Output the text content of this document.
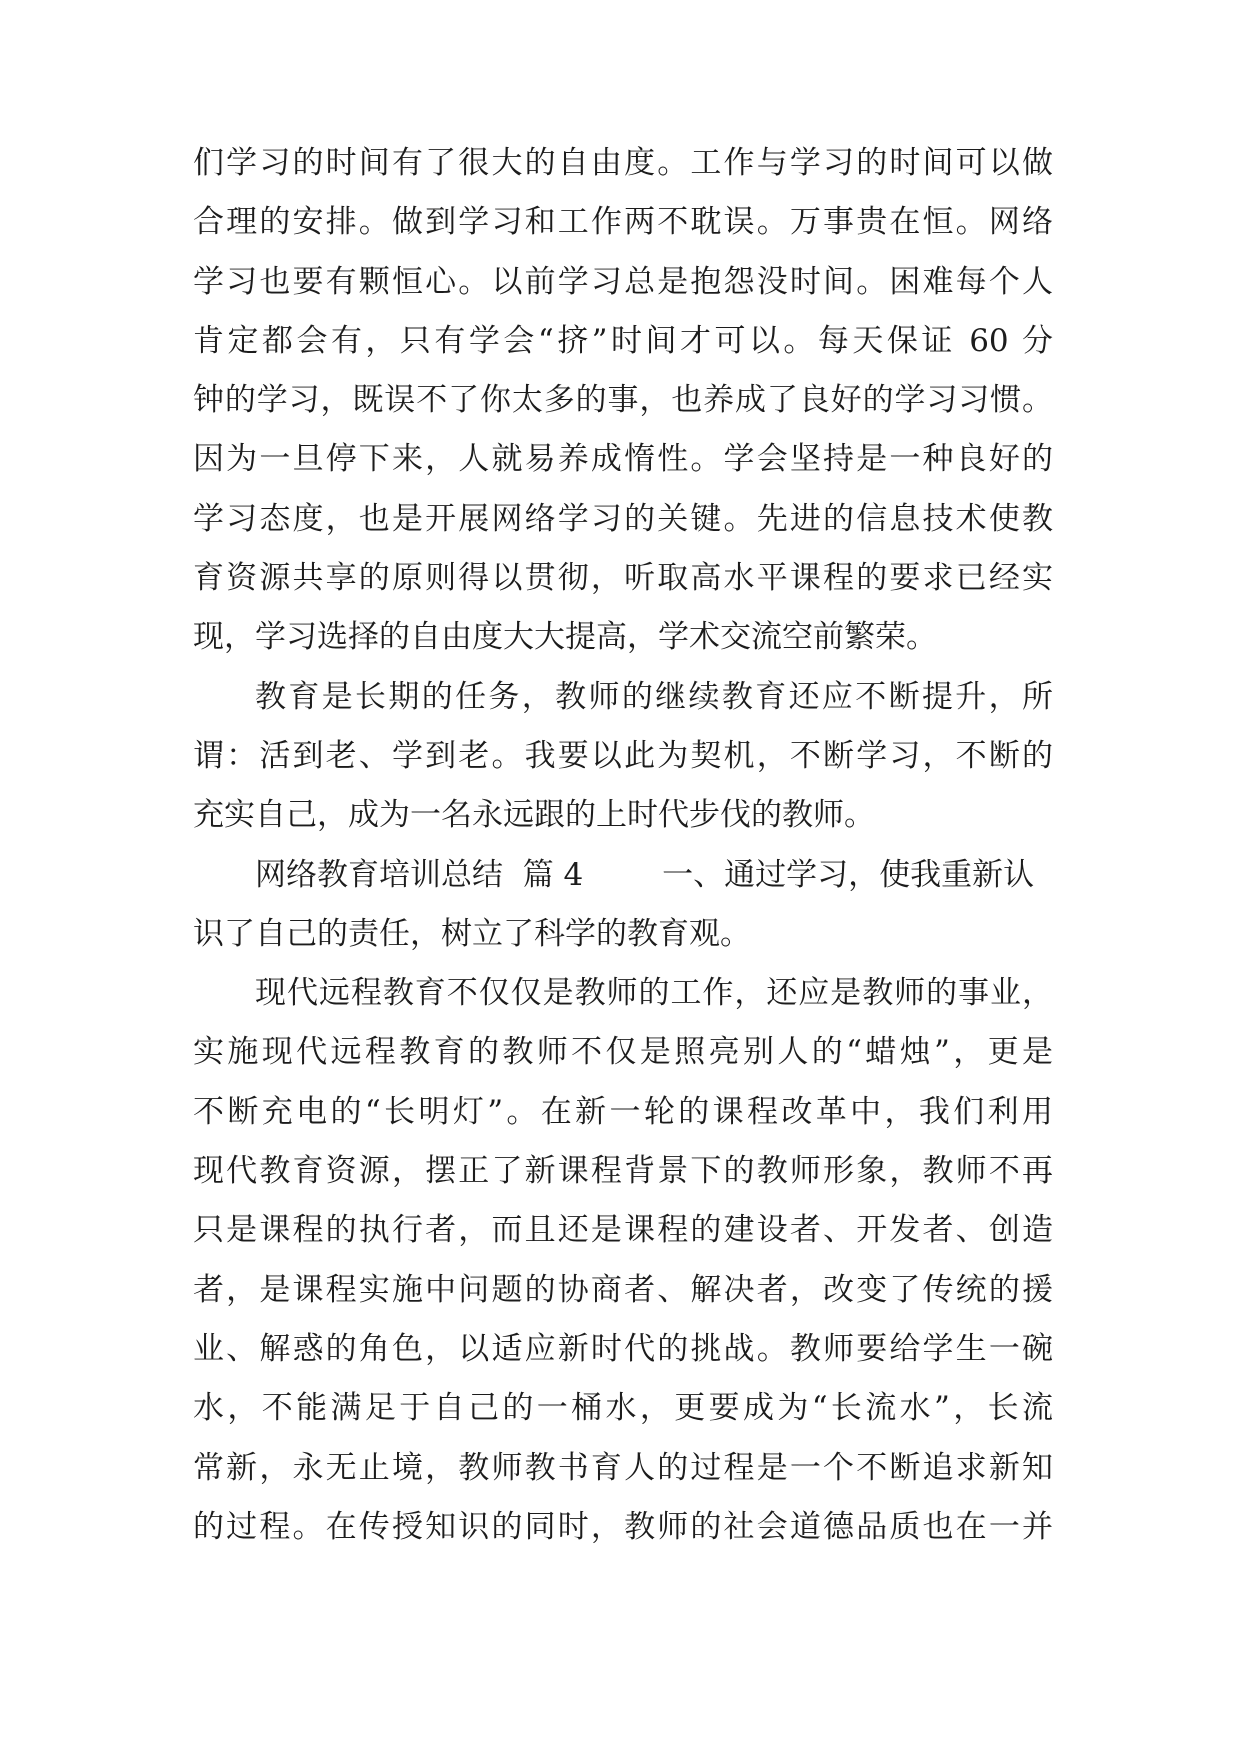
们学习的时间有了很大的自由度。工作与学习的时间可以做
合理的安排。做到学习和工作两不耽误。万事贵在恒。网络
学习也要有颗恒心。以前学习总是抱怨没时间。困难每个人
肯定都会有，只有学会“挤”时间才可以。每天保证 60 分
钟的学习，既误不了你太多的事，也养成了良好的学习习惯。
因为一旦停下来，人就易养成惰性。学会坚持是一种良好的
学习态度，也是开展网络学习的关键。先进的信息技术使教
育资源共享的原则得以贯彻，听取高水平课程的要求已经实
现，学习选择的自由度大大提高，学术交流空前繁荣。
教育是长期的任务，教师的继续教育还应不断提升，所
谓：活到老、学到老。我要以此为契机，不断学习，不断的
充实自己，成为一名永远跟的上时代步伐的教师。
网络教育培训总结  篇 4        一、通过学习，使我重新认
识了自己的责任，树立了科学的教育观。
现代远程教育不仅仅是教师的工作，还应是教师的事业，
实施现代远程教育的教师不仅是照亮别人的“蜡烛”，更是
不断充电的“长明灯”。在新一轮的课程改革中，我们利用
现代教育资源，摆正了新课程背景下的教师形象，教师不再
只是课程的执行者，而且还是课程的建设者、开发者、创造
者，是课程实施中问题的协商者、解决者，改变了传统的援
业、解惑的角色，以适应新时代的挑战。教师要给学生一碗
水，不能满足于自己的一桶水，更要成为“长流水”，长流
常新，永无止境，教师教书育人的过程是一个不断追求新知
的过程。在传授知识的同时，教师的社会道德品质也在一并
